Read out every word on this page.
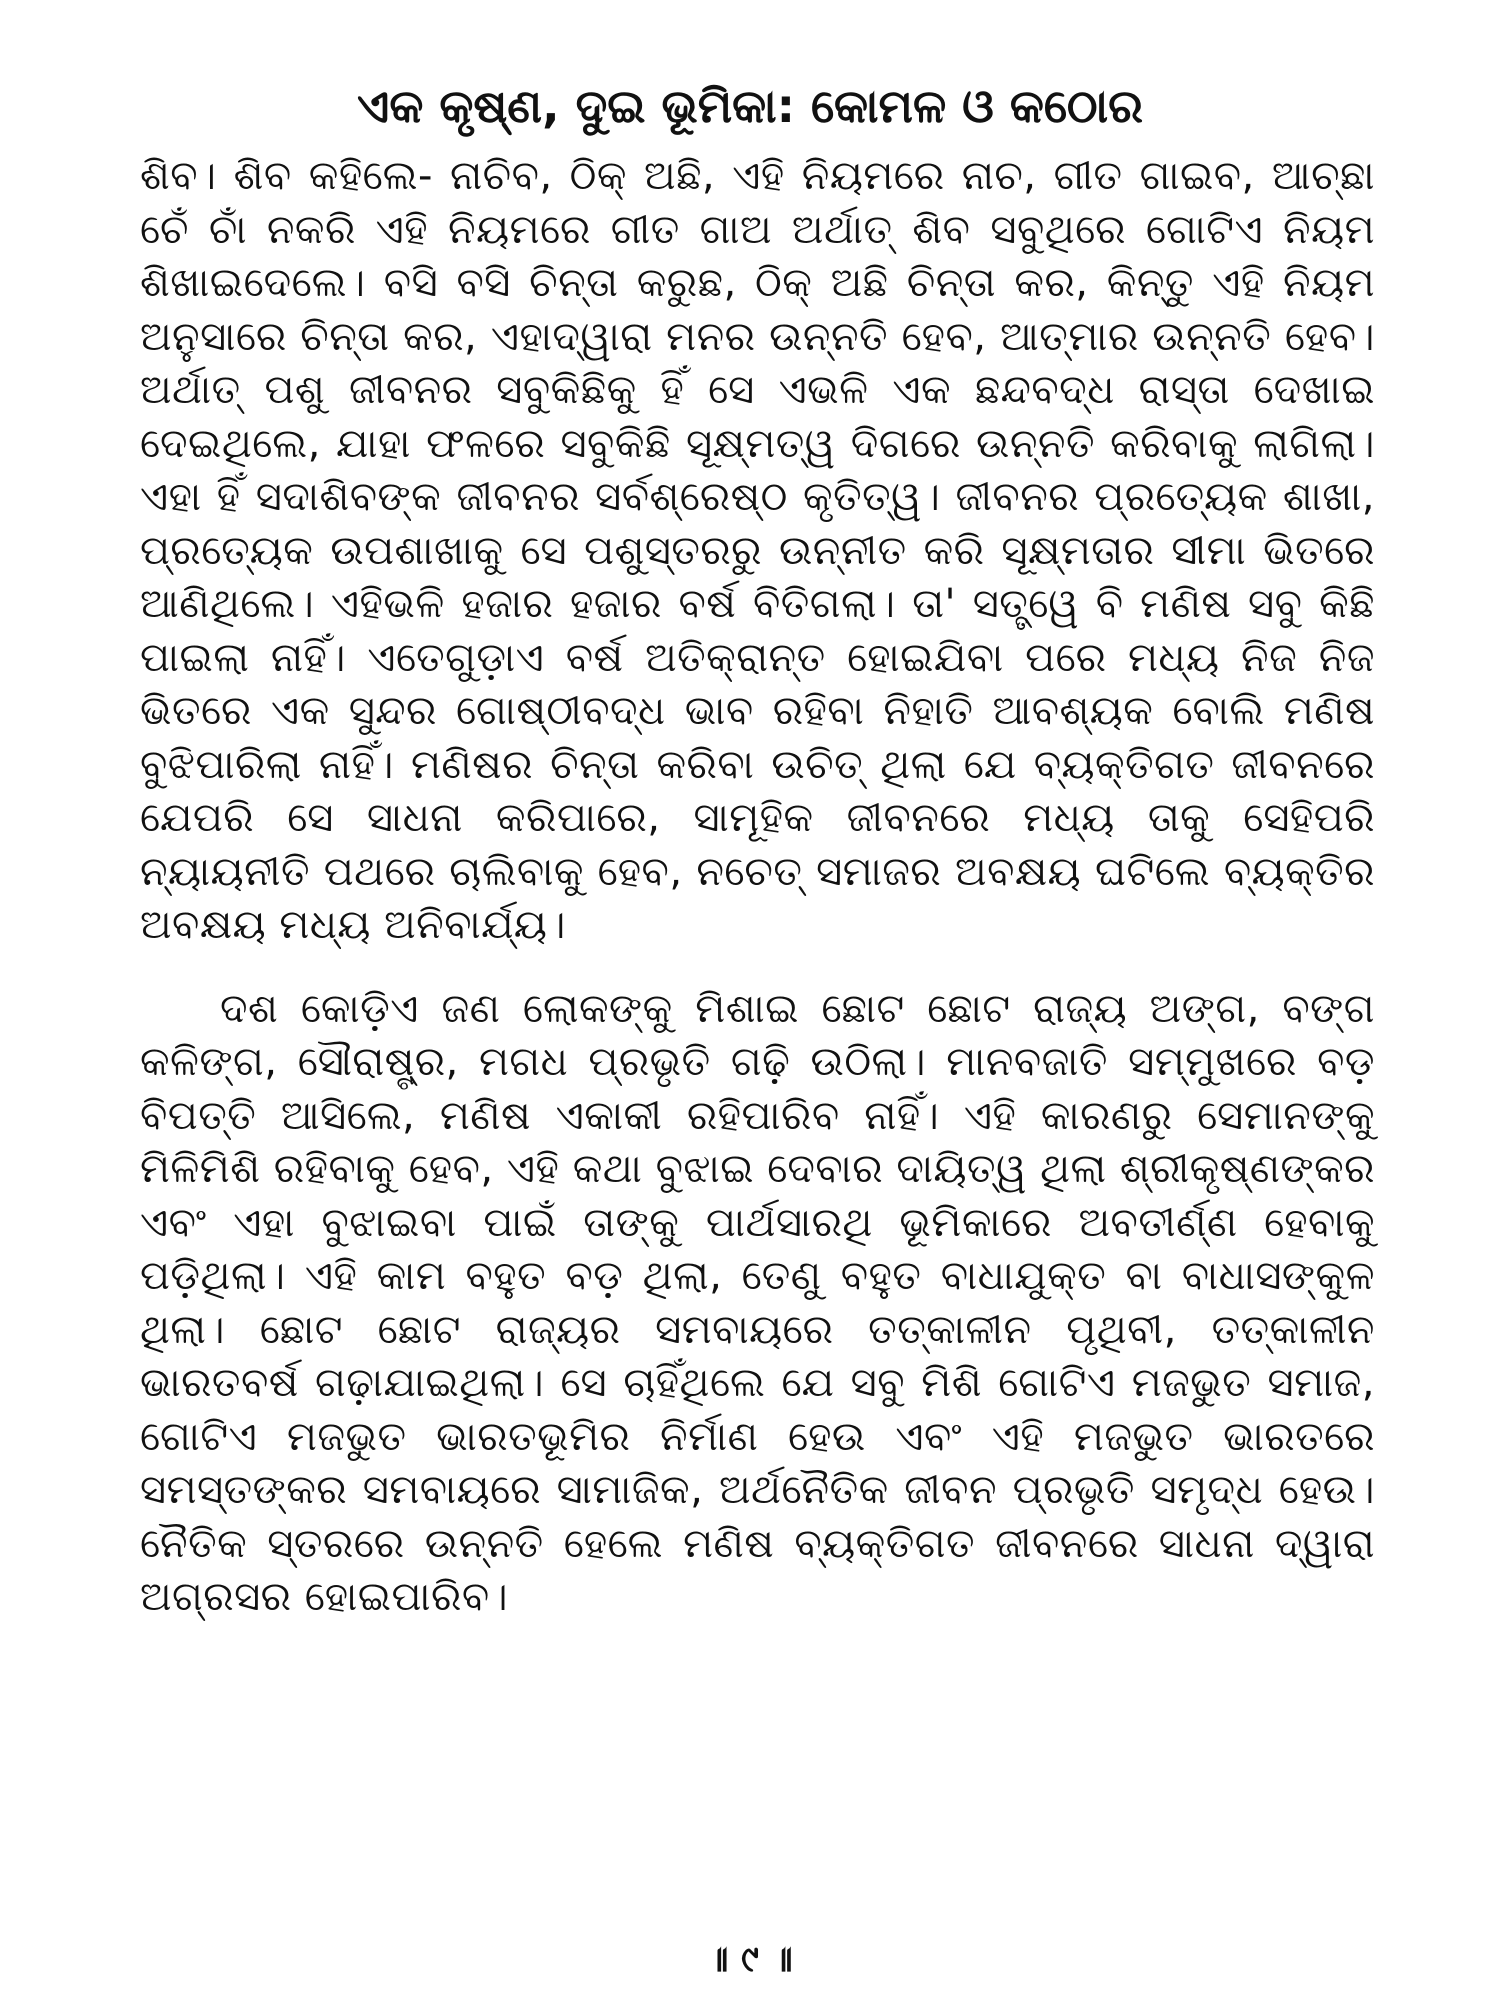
ଏକ କୃଷ୍ଣ, ଦୁଇ ଭୂମିକା: କୋମଳ ଓ କଠୋର

ଶିବ। ଶିବ କହିଲେ- ନାଚିବ, ଠିକ୍ ଅଛି, ଏହି ନିୟମରେ ନାଚ, ଗୀତ ଗାଇବ, ଆଚ୍ଛା ଚେଁ ଚାଁ ନକରି ଏହି ନିୟମରେ ଗୀତ ଗାଅ ଅର୍ଥାତ୍ ଶିବ ସବୁଥିରେ ଗୋଟିଏ ନିୟମ ଶିଖାଇଦେଲେ। ବସି ବସି ଚିନ୍ତା କରୁଛ, ଠିକ୍ ଅଛି ଚିନ୍ତା କର, କିନ୍ତୁ ଏହି ନିୟମ ଅନୁସାରେ ଚିନ୍ତା କର, ଏହାଦ୍ୱାରା ମନର ଉନ୍ନତି ହେବ, ଆତ୍ମାର ଉନ୍ନତି ହେବ। ଅର୍ଥାତ୍ ପଶୁ ଜୀବନର ସବୁକିଛିକୁ ହିଁ ସେ ଏଭଳି ଏକ ଛନ୍ଦବଦ୍ଧ ରାସ୍ତା ଦେଖାଇ ଦେଇଥିଲେ, ଯାହା ଫଳରେ ସବୁକିଛି ସୂକ୍ଷ୍ମତ୍ୱ ଦିଗରେ ଉନ୍ନତି କରିବାକୁ ଲାଗିଲା। ଏହା ହିଁ ସଦାଶିବଙ୍କ ଜୀବନର ସର୍ବଶ୍ରେଷ୍ଠ କୃତିତ୍ୱ। ଜୀବନର ପ୍ରତ୍ୟେକ ଶାଖା, ପ୍ରତ୍ୟେକ ଉପଶାଖାକୁ ସେ ପଶୁସ୍ତରରୁ ଉନ୍ନୀତ କରି ସୂକ୍ଷ୍ମତାର ସୀମା ଭିତରେ ଆଣିଥିଲେ। ଏହିଭଳି ହଜାର ହଜାର ବର୍ଷ ବିତିଗଲା। ତା' ସତ୍ତ୍ୱେ ବି ମଣିଷ ସବୁ କିଛି ପାଇଲା ନାହିଁ। ଏତେଗୁଡ଼ାଏ ବର୍ଷ ଅତିକ୍ରାନ୍ତ ହୋଇଯିବା ପରେ ମଧ୍ୟ ନିଜ ନିଜ ଭିତରେ ଏକ ସୁନ୍ଦର ଗୋଷ୍ଠୀବଦ୍ଧ ଭାବ ରହିବା ନିହାତି ଆବଶ୍ୟକ ବୋଲି ମଣିଷ ବୁଝିପାରିଲା ନାହିଁ। ମଣିଷର ଚିନ୍ତା କରିବା ଉଚିତ୍ ଥିଲା ଯେ ବ୍ୟକ୍ତିଗତ ଜୀବନରେ ଯେପରି ସେ ସାଧନା କରିପାରେ, ସାମୂହିକ ଜୀବନରେ ମଧ୍ୟ ତାକୁ ସେହିପରି ନ୍ୟାୟନୀତି ପଥରେ ଚାଲିବାକୁ ହେବ, ନଚେତ୍ ସମାଜର ଅବକ୍ଷୟ ଘଟିଲେ ବ୍ୟକ୍ତିର ଅବକ୍ଷୟ ମଧ୍ୟ ଅନିବାର୍ଯ୍ୟ।

ଦଶ କୋଡ଼ିଏ ଜଣ ଲୋକଙ୍କୁ ମିଶାଇ ଛୋଟ ଛୋଟ ରାଜ୍ୟ ଅଙ୍ଗ, ବଙ୍ଗ କଳିଙ୍ଗ, ସୌରାଷ୍ଟ୍ର, ମଗଧ ପ୍ରଭୃତି ଗଢ଼ି ଉଠିଲା। ମାନବଜାତି ସମ୍ମୁଖରେ ବଡ଼ ବିପତ୍ତି ଆସିଲେ, ମଣିଷ ଏକାକୀ ରହିପାରିବ ନାହିଁ। ଏହି କାରଣରୁ ସେମାନଙ୍କୁ ମିଳିମିଶି ରହିବାକୁ ହେବ, ଏହି କଥା ବୁଝାଇ ଦେବାର ଦାୟିତ୍ୱ ଥିଲା ଶ୍ରୀକୃଷ୍ଣଙ୍କର ଏବଂ ଏହା ବୁଝାଇବା ପାଇଁ ତାଙ୍କୁ ପାର୍ଥସାରଥି ଭୂମିକାରେ ଅବତୀର୍ଣ୍ଣ ହେବାକୁ ପଡ଼ିଥିଲା। ଏହି କାମ ବହୁତ ବଡ଼ ଥିଲା, ତେଣୁ ବହୁତ ବାଧାଯୁକ୍ତ ବା ବାଧାସଙ୍କୁଳ ଥିଲା। ଛୋଟ ଛୋଟ ରାଜ୍ୟର ସମବାୟରେ ତତ୍କାଳୀନ ପୃଥିବୀ, ତତ୍କାଳୀନ ଭାରତବର୍ଷ ଗଢ଼ାଯାଇଥିଲା। ସେ ଚାହିଁଥିଲେ ଯେ ସବୁ ମିଶି ଗୋଟିଏ ମଜଭୁତ ସମାଜ, ଗୋଟିଏ ମଜଭୁତ ଭାରତଭୂମିର ନିର୍ମାଣ ହେଉ ଏବଂ ଏହି ମଜଭୁତ ଭାରତରେ ସମସ୍ତଙ୍କର ସମବାୟରେ ସାମାଜିକ, ଅର୍ଥନୈତିକ ଜୀବନ ପ୍ରଭୃତି ସମୃଦ୍ଧ ହେଉ। ନୈତିକ ସ୍ତରରେ ଉନ୍ନତି ହେଲେ ମଣିଷ ବ୍ୟକ୍ତିଗତ ଜୀବନରେ ସାଧନା ଦ୍ୱାରା ଅଗ୍ରସର ହୋଇପାରିବ।

॥ ୯ ॥
